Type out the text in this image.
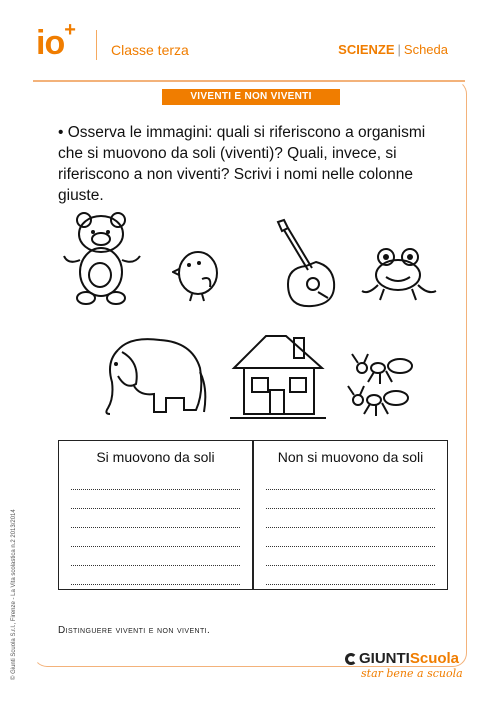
io+
Classe terza	SCIENZE | Scheda
VIVENTI E NON VIVENTI
• Osserva le immagini: quali si riferiscono a organismi che si muovono da soli (viventi)? Quali, invece, si riferiscono a non viventi? Scrivi i nomi nelle colonne giuste.
Si muovono da soli	Non si muovono da soli
Distinguere viventi e non viventi.
© Giunti Scuola S.r.l., Firenze - La Vita scolastica n.2 2013/2014	GIUNTIScuola
star bene a scuola
